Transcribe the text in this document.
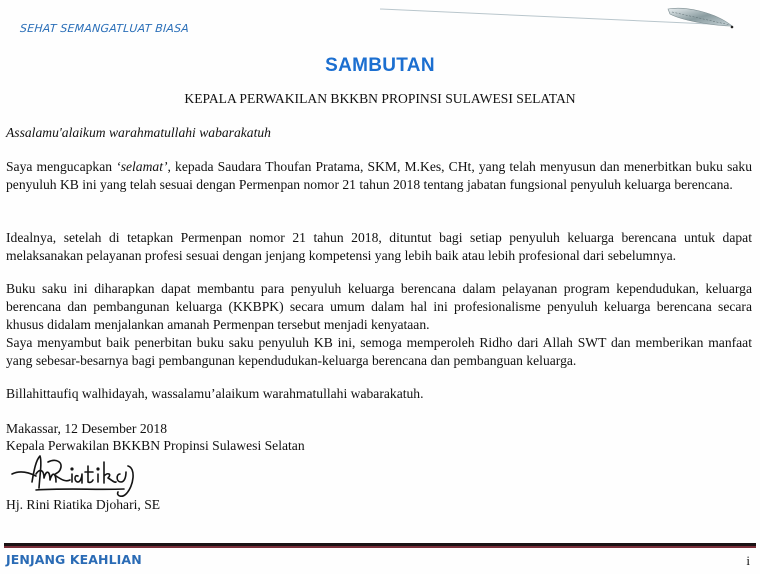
SEHAT SEMANGATLUAT BIASA
SAMBUTAN
KEPALA PERWAKILAN BKKBN PROPINSI SULAWESI SELATAN
Assalamu'alaikum warahmatullahi wabarakatuh
Saya mengucapkan ‘selamat’, kepada Saudara Thoufan Pratama, SKM, M.Kes, CHt, yang telah menyusun dan menerbitkan buku saku penyuluh KB ini yang telah sesuai dengan Permenpan nomor 21 tahun 2018 tentang jabatan fungsional penyuluh keluarga berencana.
Idealnya, setelah di tetapkan Permenpan nomor 21 tahun 2018, dituntut bagi setiap penyuluh keluarga berencana untuk dapat melaksanakan pelayanan profesi sesuai dengan jenjang kompetensi yang lebih baik atau lebih profesional dari sebelumnya.
Buku saku ini diharapkan dapat membantu para penyuluh keluarga berencana dalam pelayanan program kependudukan, keluarga berencana dan pembangunan keluarga (KKBPK) secara umum dalam hal ini profesionalisme penyuluh keluarga berencana secara khusus didalam menjalankan amanah Permenpan tersebut menjadi kenyataan.
Saya menyambut baik penerbitan buku saku penyuluh KB ini, semoga memperoleh Ridho dari Allah SWT dan memberikan manfaat yang sebesar-besarnya bagi pembangunan kependudukan-keluarga berencana dan pembanguan keluarga.
Billahittaufiq walhidayah, wassalamu’alaikum warahmatullahi wabarakatuh.
Makassar, 12 Desember 2018
Kepala Perwakilan BKKBN Propinsi Sulawesi Selatan
Hj. Rini Riatika Djohari, SE
JENJANG KEAHLIAN	i
